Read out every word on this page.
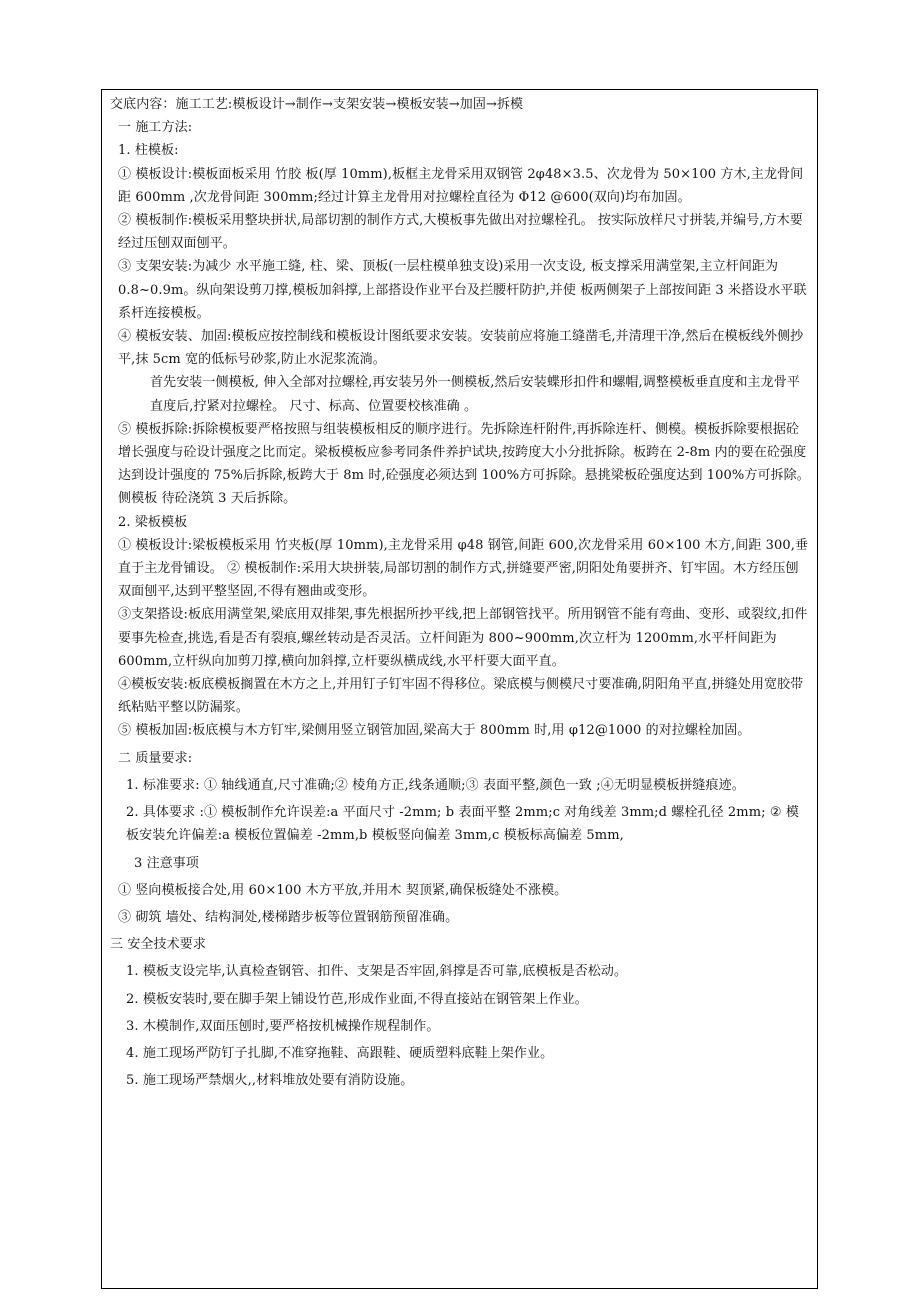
交底内容：施工工艺:模板设计→制作→支架安装→模板安装→加固→拆模

一 施工方法:

1. 柱模板:

① 模板设计:模板面板采用 竹胶 板(厚 10mm),板框主龙骨采用双钢管 2φ48×3.5、次龙骨为 50×100 方木,主龙骨间距 600mm ,次龙骨间距 300mm;经过计算主龙骨用对拉螺栓直径为 Φ12 @600(双向)均布加固。

② 模板制作:模板采用整块拼状,局部切割的制作方式,大模板事先做出对拉螺栓孔。 按实际放样尺寸拼装,并编号,方木要经过压刨双面刨平。

③ 支架安装:为减少 水平施工缝, 柱、梁、顶板(一层柱模单独支设)采用一次支设, 板支撑采用满堂架,主立杆间距为 0.8~0.9m。纵向架设剪刀撑,模板加斜撑,上部搭设作业平台及拦腰杆防护,并使 板两侧架子上部按间距 3 米搭设水平联系杆连接模板。

④ 模板安装、加固:模板应按控制线和模板设计图纸要求安装。安装前应将施工缝凿毛,并清理干净,然后在模板线外侧抄平,抹 5cm 宽的低标号砂浆,防止水泥浆流淌。

首先安装一侧模板, 伸入全部对拉螺栓,再安装另外一侧模板,然后安装蝶形扣件和螺帽,调整模板垂直度和主龙骨平直度后,拧紧对拉螺栓。 尺寸、标高、位置要校核准确 。

⑤ 模板拆除:拆除模板要严格按照与组装模板相反的顺序进行。先拆除连杆附件,再拆除连杆、侧模。模板拆除要根据砼增长强度与砼设计强度之比而定。梁板模板应参考同条件养护试块,按跨度大小分批拆除。板跨在 2-8m 内的要在砼强度达到设计强度的 75%后拆除,板跨大于 8m 时,砼强度必须达到 100%方可拆除。悬挑梁板砼强度达到 100%方可拆除。侧模板 待砼浇筑 3 天后拆除。

2. 梁板模板

① 模板设计:梁板模板采用 竹夹板(厚 10mm),主龙骨采用 φ48 钢管,间距 600,次龙骨采用 60×100 木方,间距 300,垂直于主龙骨铺设。 ② 模板制作:采用大块拼装,局部切割的制作方式,拼缝要严密,阴阳处角要拼齐、钉牢固。木方经压刨双面刨平,达到平整坚固,不得有翘曲或变形。

③支架搭设:板底用满堂架,梁底用双排架,事先根据所抄平线,把上部钢管找平。所用钢管不能有弯曲、变形、或裂纹,扣件要事先检查,挑选,看是否有裂痕,螺丝转动是否灵活。立杆间距为 800~900mm,次立杆为 1200mm,水平杆间距为 600mm,立杆纵向加剪刀撑,横向加斜撑,立杆要纵横成线,水平杆要大面平直。

④模板安装:板底模板搁置在木方之上,并用钉子钉牢固不得移位。梁底模与侧模尺寸要准确,阴阳角平直,拼缝处用宽胶带纸粘贴平整以防漏浆。

⑤ 模板加固:板底模与木方钉牢,梁侧用竖立钢管加固,梁高大于 800mm 时,用 φ12@1000 的对拉螺栓加固。

二 质量要求:

1. 标准要求: ① 轴线通直,尺寸准确;② 棱角方正,线条通顺;③ 表面平整,颜色一致 ;④无明显模板拼缝痕迹。

2. 具体要求 :① 模板制作允许误差:a 平面尺寸 -2mm; b 表面平整 2mm;c 对角线差 3mm;d 螺栓孔径 2mm; ② 模板安装允许偏差:a 模板位置偏差 -2mm,b 模板竖向偏差 3mm,c 模板标高偏差 5mm,

3 注意事项

① 竖向模板接合处,用 60×100 木方平放,并用木 契顶紧,确保板缝处不涨模。

③ 砌筑 墙处、结构洞处,楼梯踏步板等位置钢筋预留准确。

三 安全技术要求

1. 模板支设完毕,认真检查钢管、扣件、支架是否牢固,斜撑是否可靠,底模板是否松动。

2. 模板安装时,要在脚手架上铺设竹芭,形成作业面,不得直接站在钢管架上作业。

3. 木模制作,双面压刨时,要严格按机械操作规程制作。

4. 施工现场严防钉子扎脚,不准穿拖鞋、高跟鞋、硬质塑料底鞋上架作业。

5. 施工现场严禁烟火,,材料堆放处要有消防设施。
